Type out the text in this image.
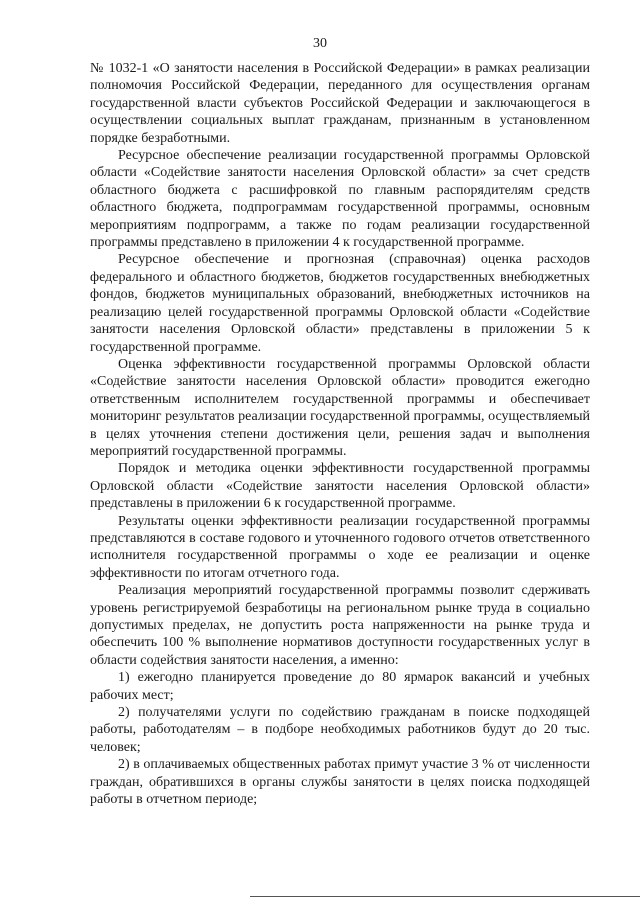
30

№ 1032-1 «О занятости населения в Российской Федерации» в рамках реализации полномочия Российской Федерации, переданного для осуществления органам государственной власти субъектов Российской Федерации и заключающегося в осуществлении социальных выплат гражданам, признанным в установленном порядке безработными.

Ресурсное обеспечение реализации государственной программы Орловской области «Содействие занятости населения Орловской области» за счет средств областного бюджета с расшифровкой по главным распорядителям средств областного бюджета, подпрограммам государственной программы, основным мероприятиям подпрограмм, а также по годам реализации государственной программы представлено в приложении 4 к государственной программе.

Ресурсное обеспечение и прогнозная (справочная) оценка расходов федерального и областного бюджетов, бюджетов государственных внебюджетных фондов, бюджетов муниципальных образований, внебюджетных источников на реализацию целей государственной программы Орловской области «Содействие занятости населения Орловской области» представлены в приложении 5 к государственной программе.

Оценка эффективности государственной программы Орловской области «Содействие занятости населения Орловской области» проводится ежегодно ответственным исполнителем государственной программы и обеспечивает мониторинг результатов реализации государственной программы, осуществляемый в целях уточнения степени достижения цели, решения задач и выполнения мероприятий государственной программы.

Порядок и методика оценки эффективности государственной программы Орловской области «Содействие занятости населения Орловской области» представлены в приложении 6 к государственной программе.

Результаты оценки эффективности реализации государственной программы представляются в составе годового и уточненного годового отчетов ответственного исполнителя государственной программы о ходе ее реализации и оценке эффективности по итогам отчетного года.

Реализация мероприятий государственной программы позволит сдерживать уровень регистрируемой безработицы на региональном рынке труда в социально допустимых пределах, не допустить роста напряженности на рынке труда и обеспечить 100 % выполнение нормативов доступности государственных услуг в области содействия занятости населения, а именно:

1) ежегодно планируется проведение до 80 ярмарок вакансий и учебных рабочих мест;

2) получателями услуги по содействию гражданам в поиске подходящей работы, работодателям – в подборе необходимых работников будут до 20 тыс. человек;

2) в оплачиваемых общественных работах примут участие 3 % от численности граждан, обратившихся в органы службы занятости в целях поиска подходящей работы в отчетном периоде;
